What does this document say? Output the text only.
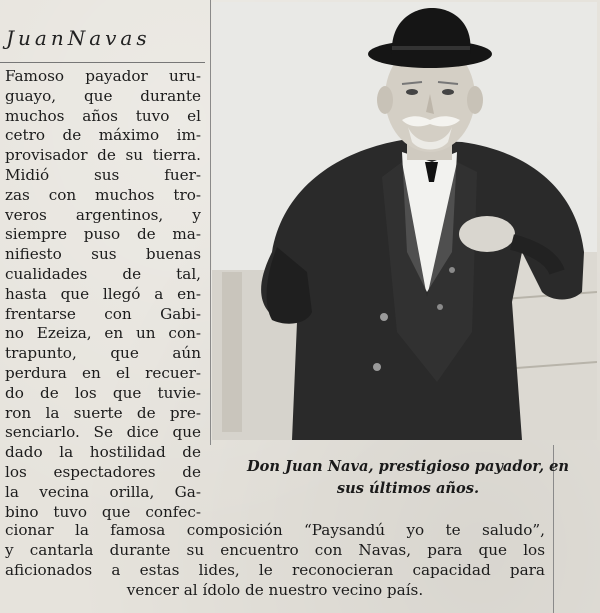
JuanNavas
Famoso payador uru-
guayo, que durante
muchos años tuvo el
cetro de máximo im-
provisador de su tierra.
Midió sus fuer-
zas con muchos tro-
veros argentinos, y
siempre puso de ma-
nifiesto sus buenas
cualidades de tal,
hasta que llegó a en-
frentarse con Gabi-
no Ezeiza, en un con-
trapunto, que aún
perdura en el recuer-
do de los que tuvie-
ron la suerte de pre-
senciarlo. Se dice que
dado la hostilidad de
los espectadores de
la vecina orilla, Ga-
bino tuvo que confec-
Don Juan Nava, prestigioso payador, en
sus últimos años.
cionar la famosa composición “Paysandú yo te saludo”,
y cantarla durante su encuentro con Navas, para que los
aficionados a estas lides, le reconocieran capacidad para
vencer al ídolo de nuestro vecino país.
